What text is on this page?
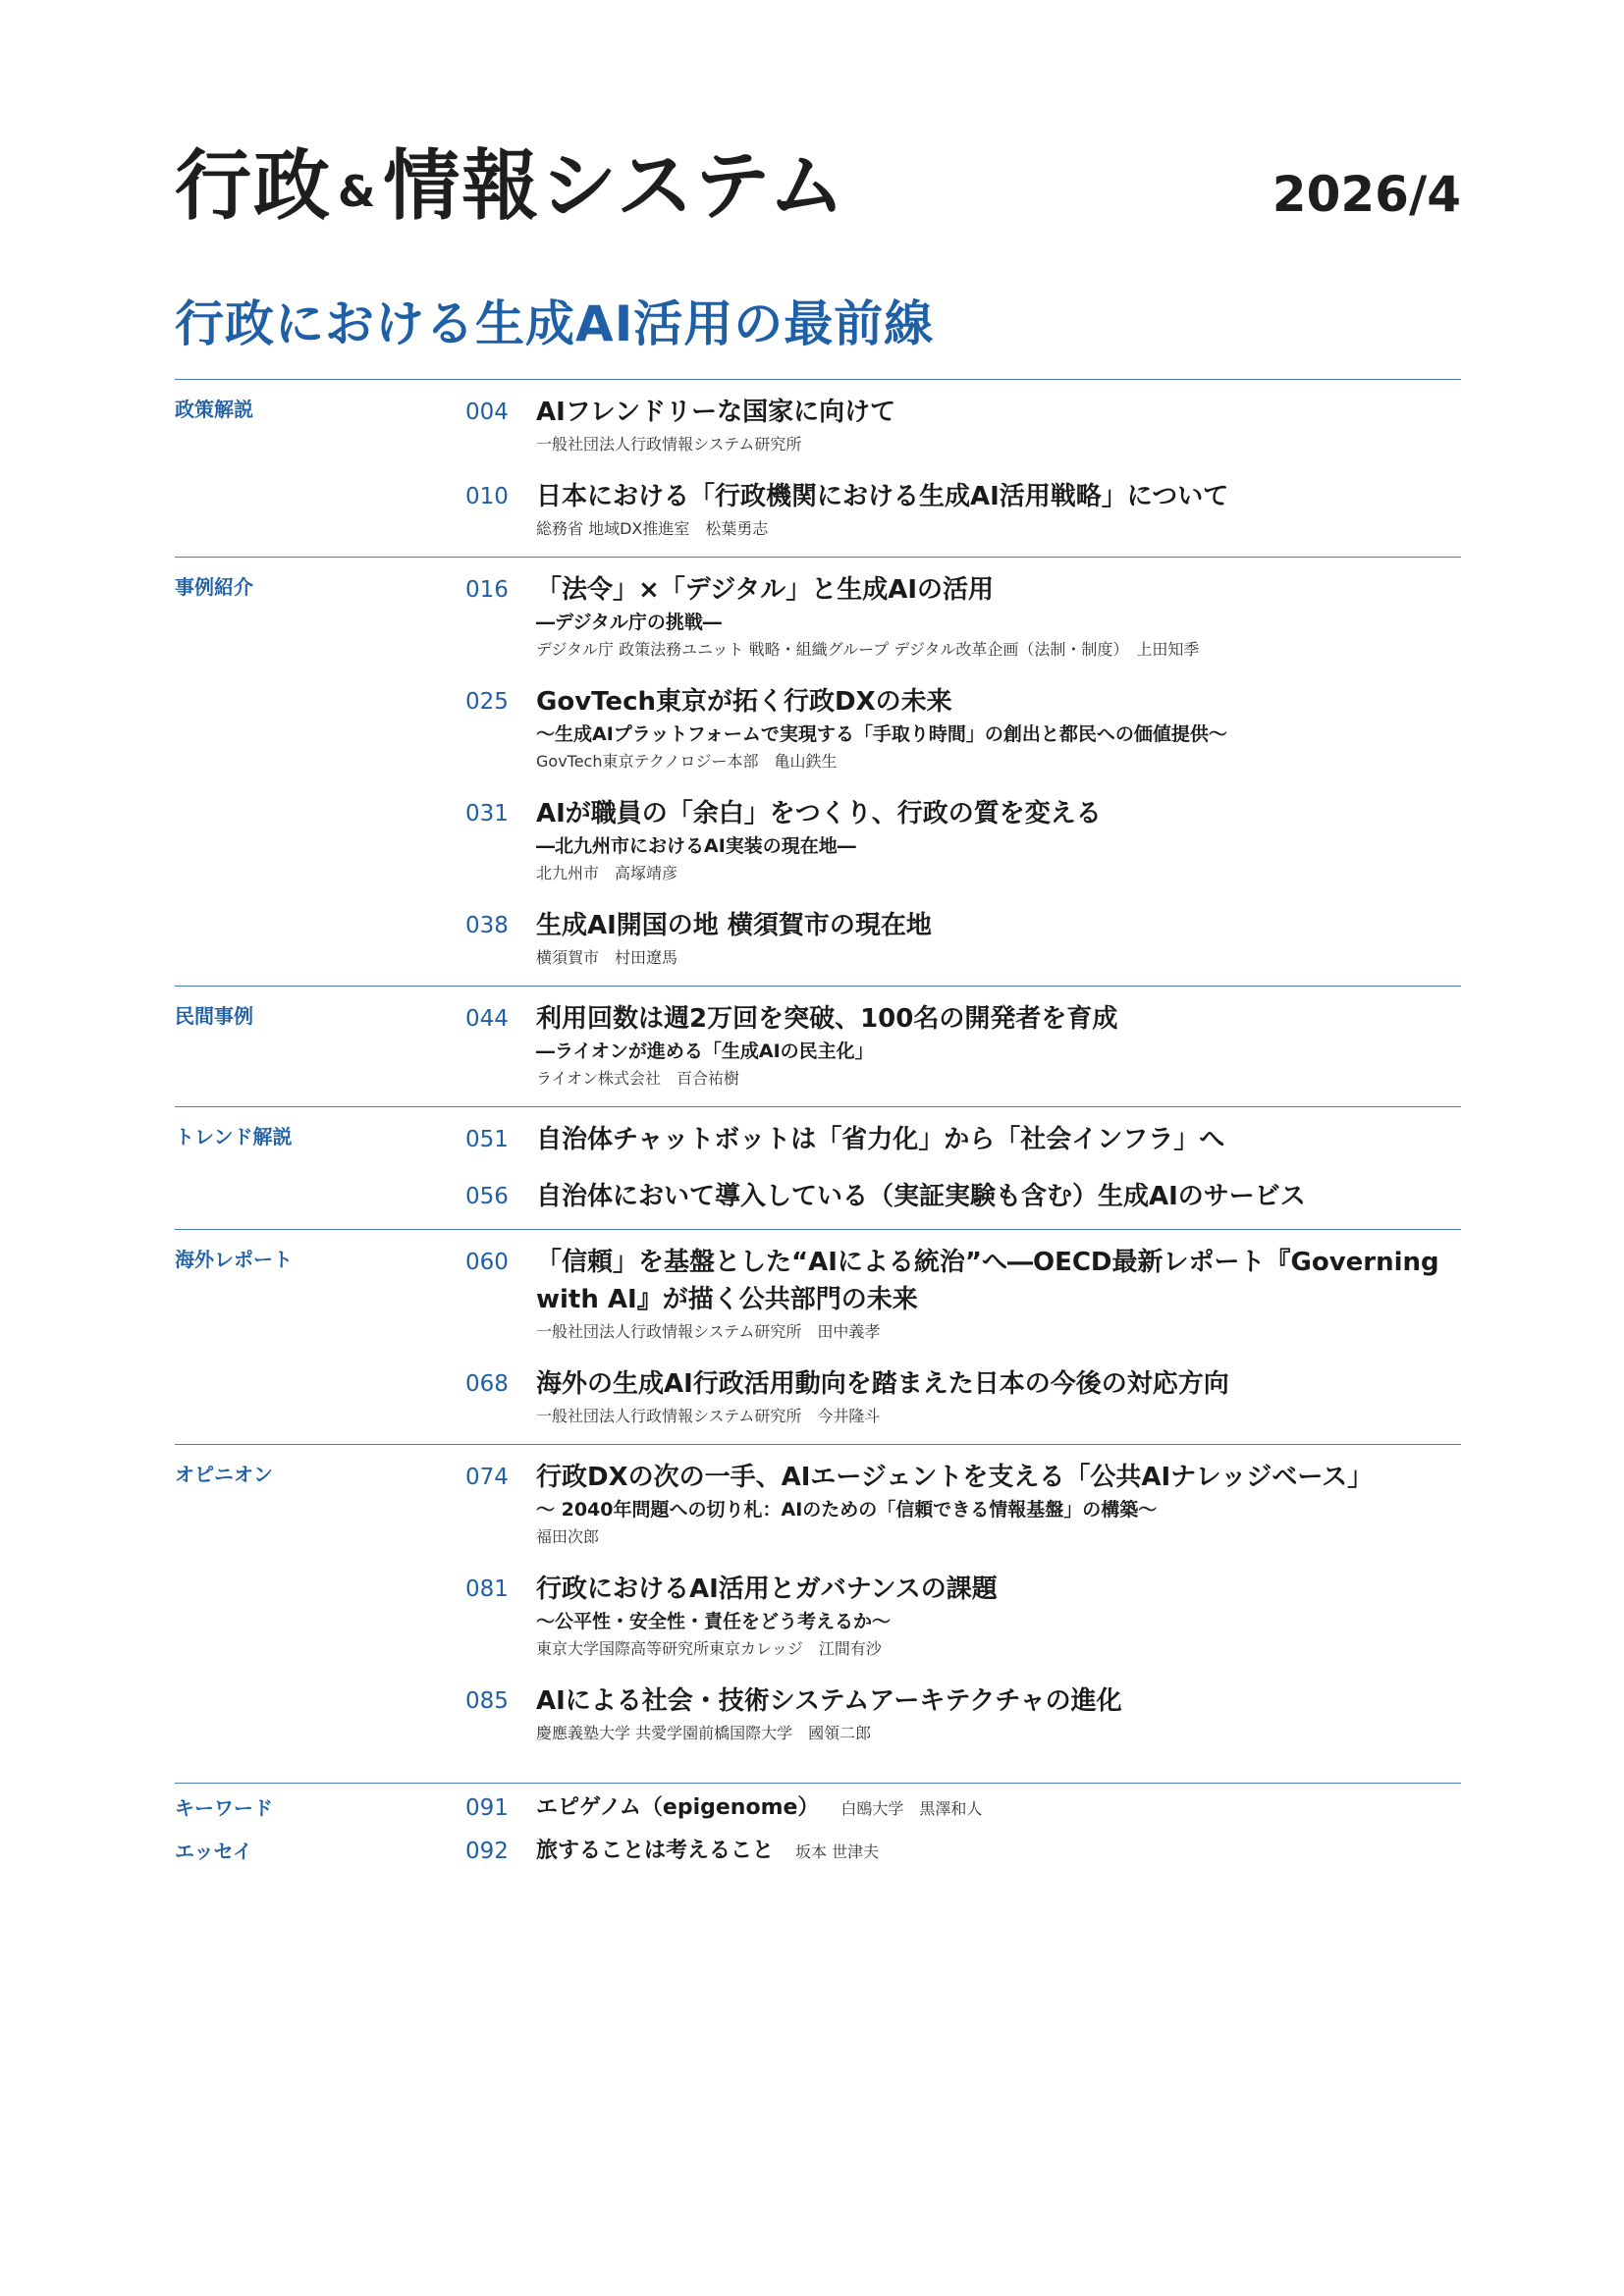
行政 &情報システム	2026/4
行政における生成AI活用の最前線
政策解説	004 AIフレンドリーな国家に向けて
一般社団法人行政情報システム研究所
010 日本における「行政機関における生成AI活用戦略」について
総務省 地域DX推進室　松葉勇志
事例紹介	016 「法令」×「デジタル」と生成AIの活用
―デジタル庁の挑戦―
デジタル庁 政策法務ユニット 戦略・組織グループ デジタル改革企画（法制・制度）　上田知季
025 GovTech東京が拓く行政DXの未来
〜生成AIプラットフォームで実現する「手取り時間」の創出と都民への価値提供〜
GovTech東京テクノロジー本部　亀山鉄生
031 AIが職員の「余白」をつくり、行政の質を変える
―北九州市におけるAI実装の現在地―
北九州市　高塚靖彦
038 生成AI開国の地 横須賀市の現在地
横須賀市　村田遼馬
民間事例	044 利用回数は週2万回を突破、100名の開発者を育成
―ライオンが進める「生成AIの民主化」
ライオン株式会社　百合祐樹
トレンド解説	051 自治体チャットボットは「省力化」から「社会インフラ」へ
056 自治体において導入している（実証実験も含む）生成AIのサービス
海外レポート	060 「信頼」を基盤とした“AIによる統治”へ―OECD最新レポート『Governing with AI』が描く公共部門の未来
一般社団法人行政情報システム研究所　田中義孝
068 海外の生成AI行政活用動向を踏まえた日本の今後の対応方向
一般社団法人行政情報システム研究所　今井隆斗
オピニオン	074 行政DXの次の一手、AIエージェントを支える「公共AIナレッジベース」
〜 2040年問題への切り札：AIのための「信頼できる情報基盤」の構築〜
福田次郎
081 行政におけるAI活用とガバナンスの課題
〜公平性・安全性・責任をどう考えるか〜
東京大学国際高等研究所東京カレッジ　江間有沙
085 AIによる社会・技術システムアーキテクチャの進化
慶應義塾大学 共愛学園前橋国際大学　國領二郎
キーワード	091 エピゲノム（epigenome） 白鴎大学　黒澤和人
エッセイ	092 旅することは考えること 坂本 世津夫
